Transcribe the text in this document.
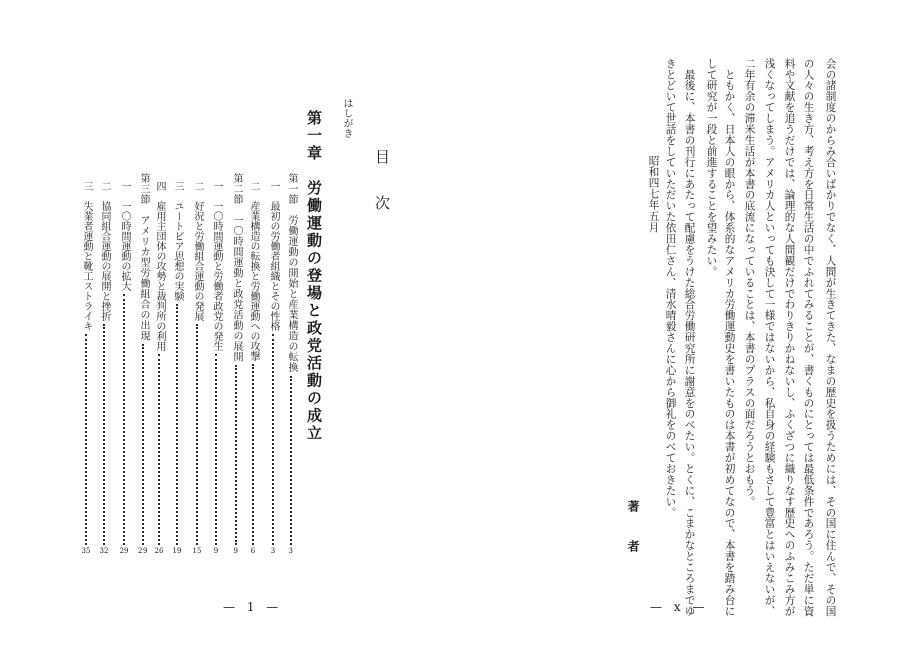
目　次
はしがき
第一章　労働運動の登場と政党活動の成立
第一節　労働運動の開始と産業構造の転換
3
一　最初の労働者組織とその性格
3
二　産業構造の転換と労働運動への攻撃
6
第二節　一〇時間運動と政党活動の展開
9
一　一〇時間運動と労働者政党の発生
9
二　好況と労働組合運動の発展
15
三　ユートピア思想の実験
19
四　雇用主団体の攻勢と裁判所の利用
26
第三節　アメリカ型労働組合の出現
29
一　一〇時間運動の拡大
29
二　協同組合運動の展開と挫折
32
三　失業者運動と靴工ストライキ
35
— 1 —	会の諸制度のからみ合いばかりでなく、人間が生きてきた、なまの歴史を扱うためには、その国に住んで、その国
の人々の生き方、考え方を日常生活の中でふれてみることが、書くものにとっては最低条件であろう。ただ単に資
料や文献を追うだけでは、論理的な人間観だけでわりきりかねないし、ふくざつに織りなす歴史へのふみこみ方が
浅くなってしまう。アメリカ人といっても決して一様ではないから、私自身の経験もさして豊富とはいえないが、
二年有余の滞米生活が本書の底流になっていることは、本書のプラスの面だろうとおもう。
　ともかく、日本人の眼から、体系的なアメリカ労働運動史を書いたものは本書が初めてなので、本書を踏み台に
して研究が一段と前進することを望みたい。
　最後に、本書の刊行にあたって配慮をうけた総合労働研究所に謝意をのべたい。とくに、こまかなところまでゆ
きとどいて世話をしていただいた依田仁さん、清水晴毅さんに心から御礼をのべておきたい。
昭和四七年五月
著　者
— x —
